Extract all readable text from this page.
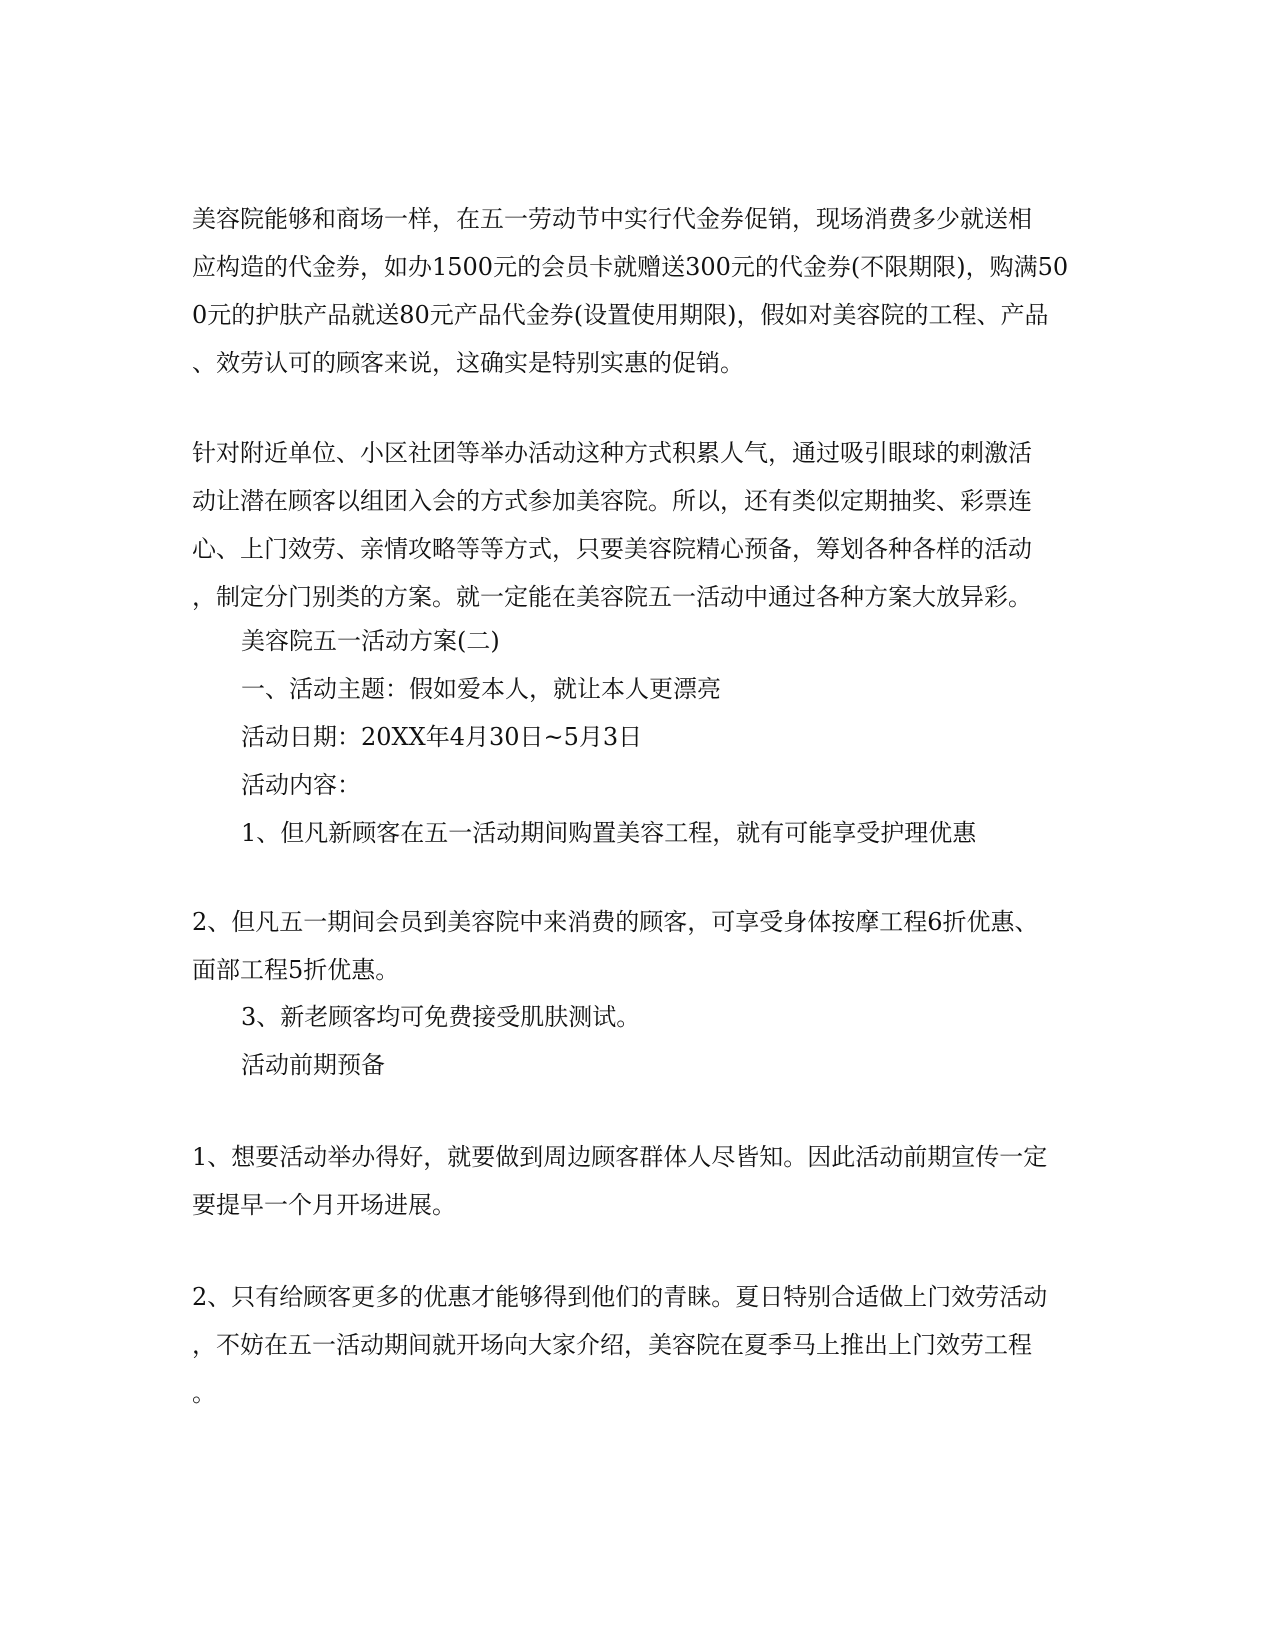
美容院能够和商场一样，在五一劳动节中实行代金券促销，现场消费多少就送相
应构造的代金券，如办1500元的会员卡就赠送300元的代金券(不限期限)，购满50
0元的护肤产品就送80元产品代金券(设置使用期限)，假如对美容院的工程、产品
、效劳认可的顾客来说，这确实是特别实惠的促销。
针对附近单位、小区社团等举办活动这种方式积累人气，通过吸引眼球的刺激活
动让潜在顾客以组团入会的方式参加美容院。所以，还有类似定期抽奖、彩票连
心、上门效劳、亲情攻略等等方式，只要美容院精心预备，筹划各种各样的活动
，制定分门别类的方案。就一定能在美容院五一活动中通过各种方案大放异彩。
美容院五一活动方案(二)
一、活动主题：假如爱本人，就让本人更漂亮
活动日期：20XX年4月30日~5月3日
活动内容：
1、但凡新顾客在五一活动期间购置美容工程，就有可能享受护理优惠
2、但凡五一期间会员到美容院中来消费的顾客，可享受身体按摩工程6折优惠、
面部工程5折优惠。
3、新老顾客均可免费接受肌肤测试。
活动前期预备
1、想要活动举办得好，就要做到周边顾客群体人尽皆知。因此活动前期宣传一定
要提早一个月开场进展。
2、只有给顾客更多的优惠才能够得到他们的青睐。夏日特别合适做上门效劳活动
，不妨在五一活动期间就开场向大家介绍，美容院在夏季马上推出上门效劳工程
。
